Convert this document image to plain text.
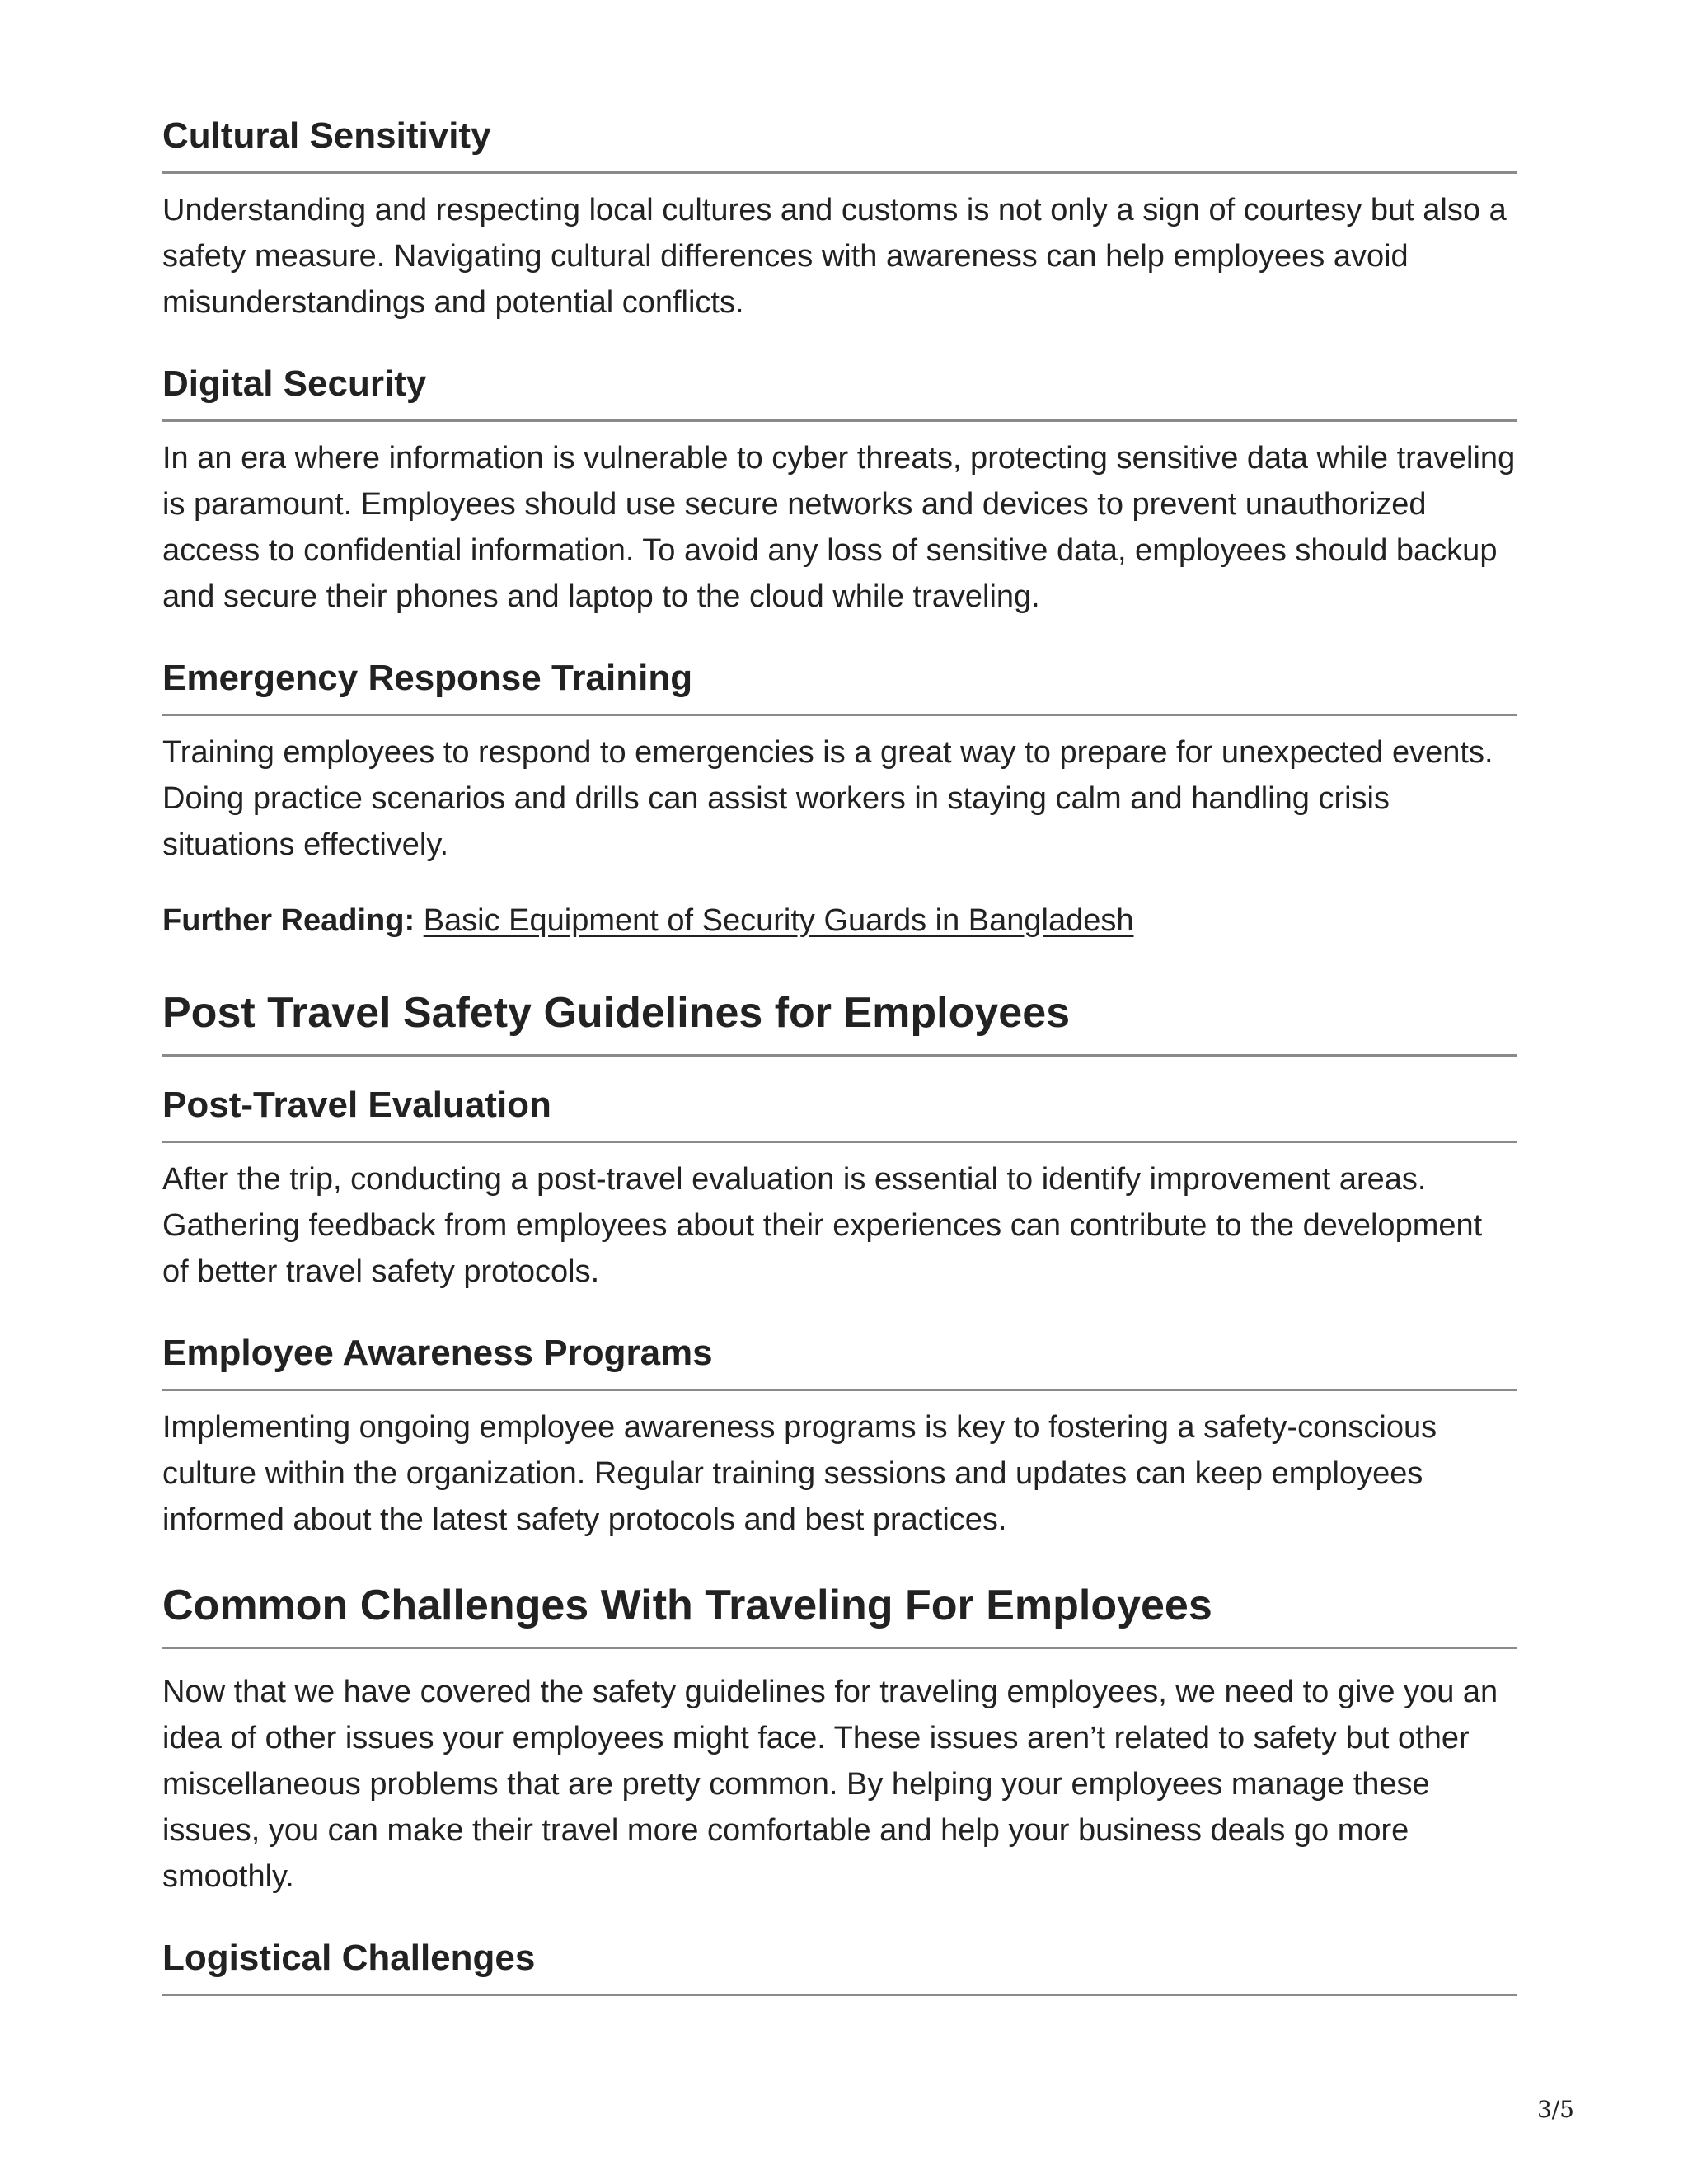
Cultural Sensitivity

Understanding and respecting local cultures and customs is not only a sign of courtesy but also a safety measure. Navigating cultural differences with awareness can help employees avoid misunderstandings and potential conflicts.

Digital Security

In an era where information is vulnerable to cyber threats, protecting sensitive data while traveling is paramount. Employees should use secure networks and devices to prevent unauthorized access to confidential information. To avoid any loss of sensitive data, employees should backup and secure their phones and laptop to the cloud while traveling.

Emergency Response Training

Training employees to respond to emergencies is a great way to prepare for unexpected events. Doing practice scenarios and drills can assist workers in staying calm and handling crisis situations effectively.

Further Reading: Basic Equipment of Security Guards in Bangladesh

Post Travel Safety Guidelines for Employees
Post-Travel Evaluation

After the trip, conducting a post-travel evaluation is essential to identify improvement areas. Gathering feedback from employees about their experiences can contribute to the development of better travel safety protocols.

Employee Awareness Programs

Implementing ongoing employee awareness programs is key to fostering a safety-conscious culture within the organization. Regular training sessions and updates can keep employees informed about the latest safety protocols and best practices.

Common Challenges With Traveling For Employees

Now that we have covered the safety guidelines for traveling employees, we need to give you an idea of other issues your employees might face. These issues aren’t related to safety but other miscellaneous problems that are pretty common. By helping your employees manage these issues, you can make their travel more comfortable and help your business deals go more smoothly.

Logistical Challenges
3/5
